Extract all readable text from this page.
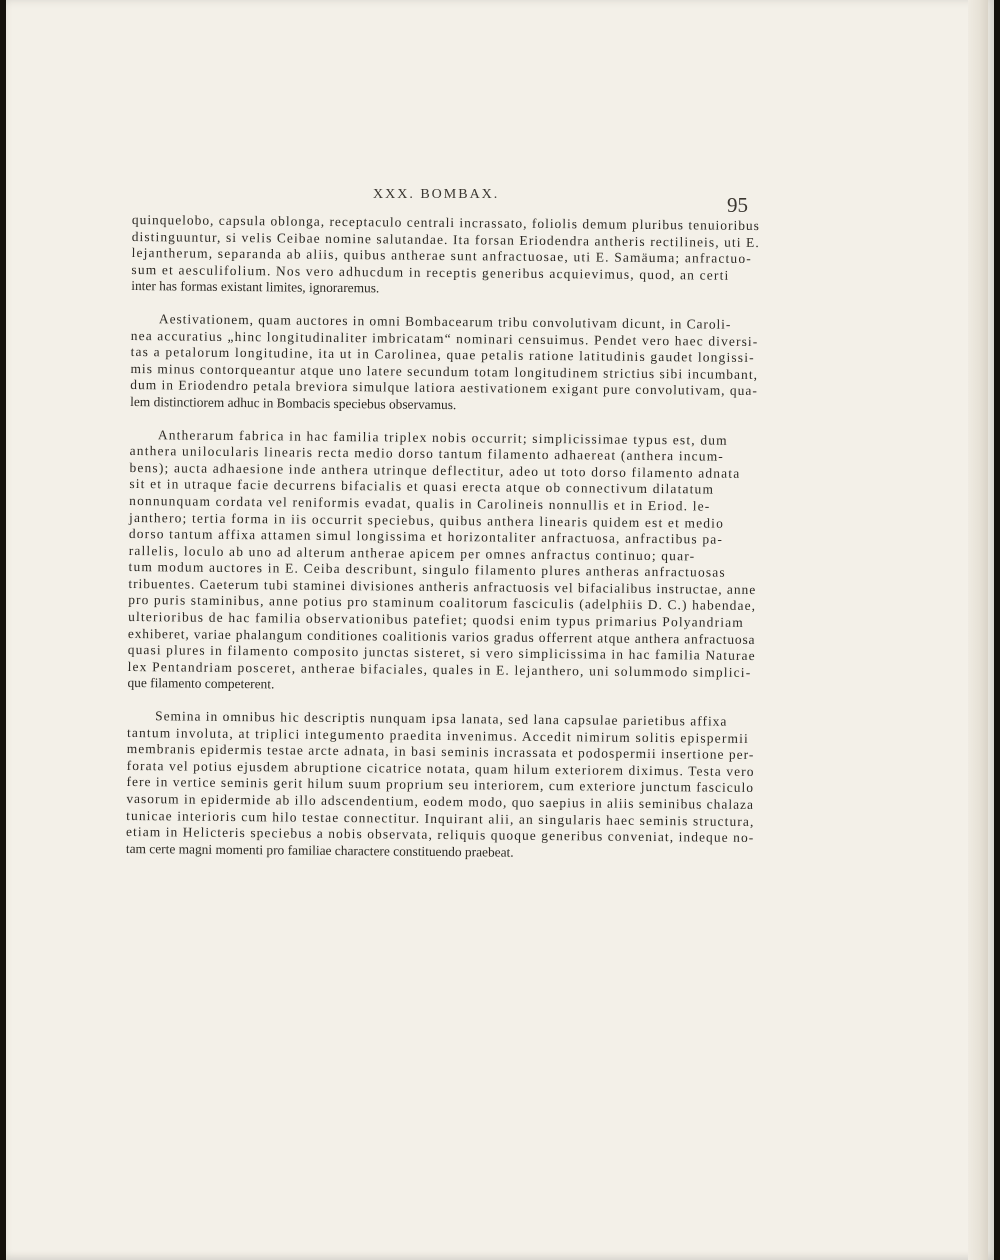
XXX. BOMBAX.	95
quinquelobo, capsula oblonga, receptaculo centrali incrassato, foliolis demum pluribus tenuioribus
distinguuntur, si velis Ceibae nomine salutandae. Ita forsan Eriodendra antheris rectilineis, uti E.
lejantherum, separanda ab aliis, quibus antherae sunt anfractuosae, uti E. Samäuma; anfractuo-
sum et aesculifolium. Nos vero adhucdum in receptis generibus acquievimus, quod, an certi
inter has formas existant limites, ignoraremus.
Aestivationem, quam auctores in omni Bombacearum tribu convolutivam dicunt, in Caroli-
nea accuratius „hinc longitudinaliter imbricatam“ nominari censuimus. Pendet vero haec diversi-
tas a petalorum longitudine, ita ut in Carolinea, quae petalis ratione latitudinis gaudet longissi-
mis minus contorqueantur atque uno latere secundum totam longitudinem strictius sibi incumbant,
dum in Eriodendro petala breviora simulque latiora aestivationem exigant pure convolutivam, qua-
lem distinctiorem adhuc in Bombacis speciebus observamus.
Antherarum fabrica in hac familia triplex nobis occurrit; simplicissimae typus est, dum
anthera unilocularis linearis recta medio dorso tantum filamento adhaereat (anthera incum-
bens); aucta adhaesione inde anthera utrinque deflectitur, adeo ut toto dorso filamento adnata
sit et in utraque facie decurrens bifacialis et quasi erecta atque ob connectivum dilatatum
nonnunquam cordata vel reniformis evadat, qualis in Carolineis nonnullis et in Eriod. le-
janthero; tertia forma in iis occurrit speciebus, quibus anthera linearis quidem est et medio
dorso tantum affixa attamen simul longissima et horizontaliter anfractuosa, anfractibus pa-
rallelis, loculo ab uno ad alterum antherae apicem per omnes anfractus continuo; quar-
tum modum auctores in E. Ceiba describunt, singulo filamento plures antheras anfractuosas
tribuentes. Caeterum tubi staminei divisiones antheris anfractuosis vel bifacialibus instructae, anne
pro puris staminibus, anne potius pro staminum coalitorum fasciculis (adelphiis D. C.) habendae,
ulterioribus de hac familia observationibus patefiet; quodsi enim typus primarius Polyandriam
exhiberet, variae phalangum conditiones coalitionis varios gradus offerrent atque anthera anfractuosa
quasi plures in filamento composito junctas sisteret, si vero simplicissima in hac familia Naturae
lex Pentandriam posceret, antherae bifaciales, quales in E. lejanthero, uni solummodo simplici-
que filamento competerent.
Semina in omnibus hic descriptis nunquam ipsa lanata, sed lana capsulae parietibus affixa
tantum involuta, at triplici integumento praedita invenimus. Accedit nimirum solitis epispermii
membranis epidermis testae arcte adnata, in basi seminis incrassata et podospermii insertione per-
forata vel potius ejusdem abruptione cicatrice notata, quam hilum exteriorem diximus. Testa vero
fere in vertice seminis gerit hilum suum proprium seu interiorem, cum exteriore junctum fasciculo
vasorum in epidermide ab illo adscendentium, eodem modo, quo saepius in aliis seminibus chalaza
tunicae interioris cum hilo testae connectitur. Inquirant alii, an singularis haec seminis structura,
etiam in Helicteris speciebus a nobis observata, reliquis quoque generibus conveniat, indeque no-
tam certe magni momenti pro familiae charactere constituendo praebeat.
